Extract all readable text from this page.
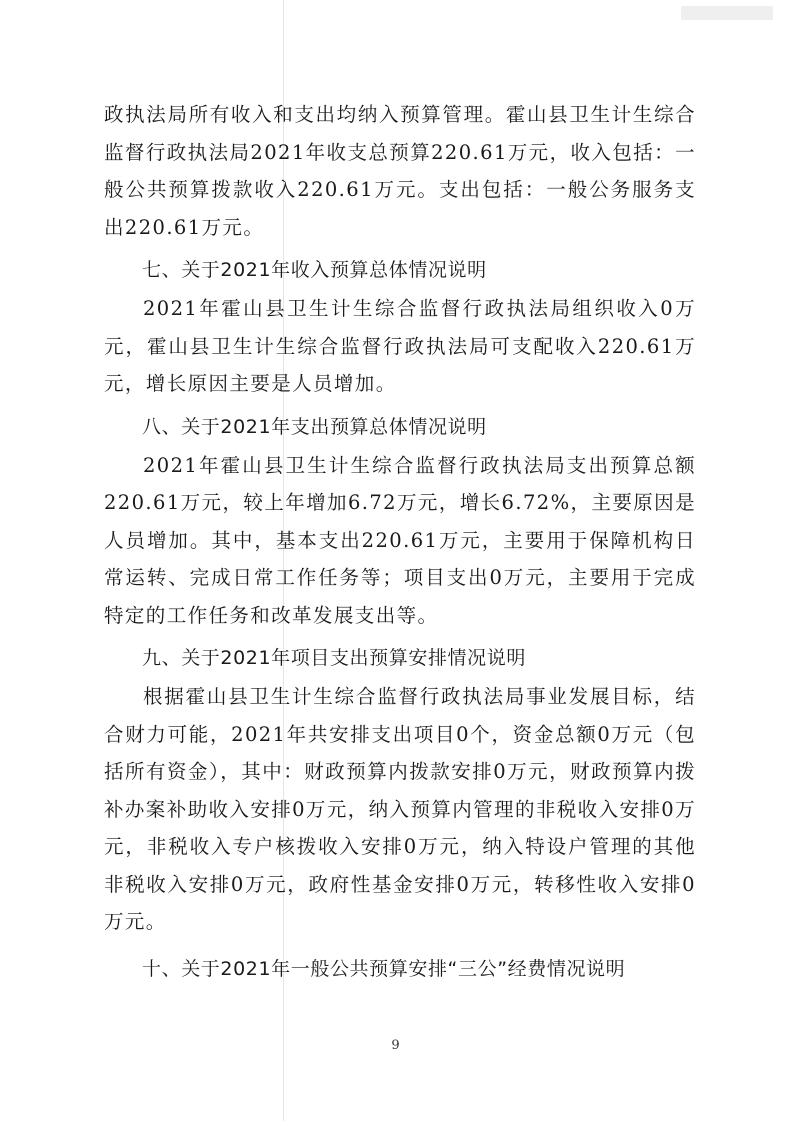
政执法局所有收入和支出均纳入预算管理。霍山县卫生计生综合监督行政执法局2021年收支总预算220.61万元，收入包括：一般公共预算拨款收入220.61万元。支出包括：一般公务服务支出220.61万元。

七、关于2021年收入预算总体情况说明

2021年霍山县卫生计生综合监督行政执法局组织收入0万元，霍山县卫生计生综合监督行政执法局可支配收入220.61万元，增长原因主要是人员增加。

八、关于2021年支出预算总体情况说明

2021年霍山县卫生计生综合监督行政执法局支出预算总额220.61万元，较上年增加6.72万元，增长6.72%，主要原因是人员增加。其中，基本支出220.61万元，主要用于保障机构日常运转、完成日常工作任务等；项目支出0万元，主要用于完成特定的工作任务和改革发展支出等。

九、关于2021年项目支出预算安排情况说明

根据霍山县卫生计生综合监督行政执法局事业发展目标，结合财力可能，2021年共安排支出项目0个，资金总额0万元（包括所有资金），其中：财政预算内拨款安排0万元，财政预算内拨补办案补助收入安排0万元，纳入预算内管理的非税收入安排0万元，非税收入专户核拨收入安排0万元，纳入特设户管理的其他非税收入安排0万元，政府性基金安排0万元，转移性收入安排0万元。

十、关于2021年一般公共预算安排“三公”经费情况说明

9
